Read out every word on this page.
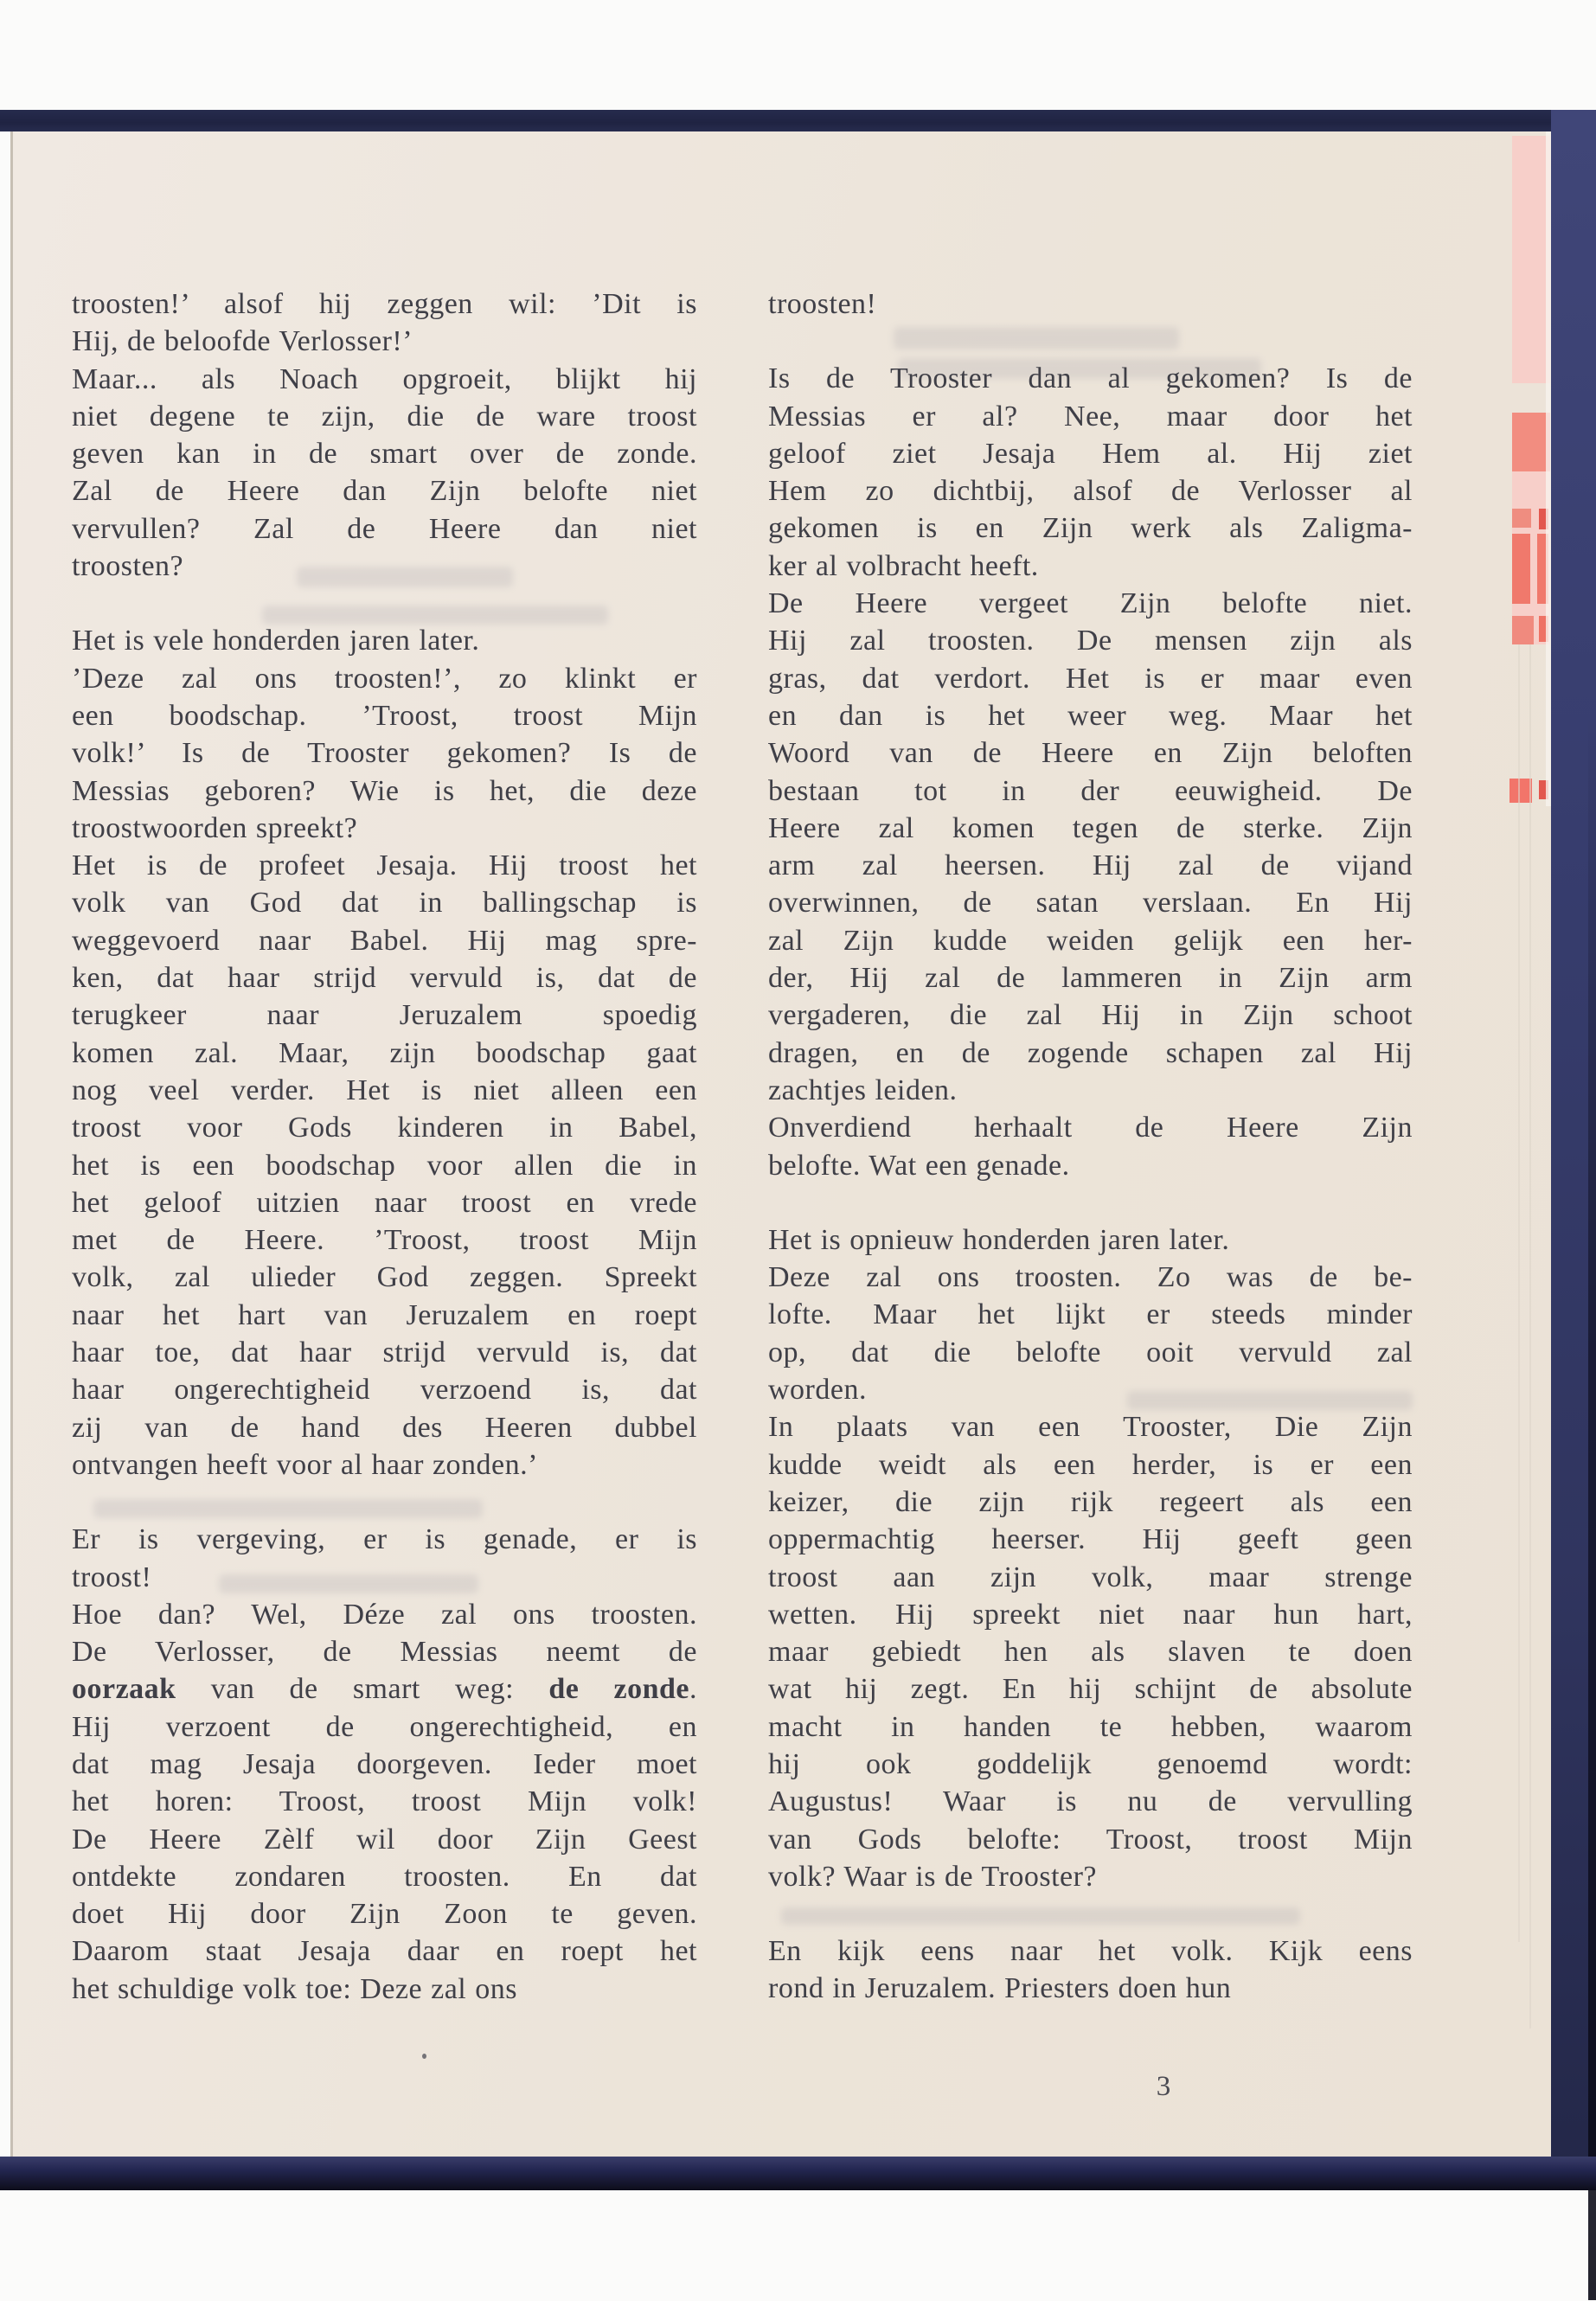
troosten!’ alsof hij zeggen wil: ’Dit is
Hij, de beloofde Verlosser!’
Maar... als Noach opgroeit, blijkt hij
niet degene te zijn, die de ware troost
geven kan in de smart over de zonde.
Zal de Heere dan Zijn belofte niet
vervullen? Zal de Heere dan niet
troosten?
Het is vele honderden jaren later.
’Deze zal ons troosten!’, zo klinkt er
een boodschap. ’Troost, troost Mijn
volk!’ Is de Trooster gekomen? Is de
Messias geboren? Wie is het, die deze
troostwoorden spreekt?
Het is de profeet Jesaja. Hij troost het
volk van God dat in ballingschap is
weggevoerd naar Babel. Hij mag spre-
ken, dat haar strijd vervuld is, dat de
terugkeer naar Jeruzalem spoedig
komen zal. Maar, zijn boodschap gaat
nog veel verder. Het is niet alleen een
troost voor Gods kinderen in Babel,
het is een boodschap voor allen die in
het geloof uitzien naar troost en vrede
met de Heere. ’Troost, troost Mijn
volk, zal ulieder God zeggen. Spreekt
naar het hart van Jeruzalem en roept
haar toe, dat haar strijd vervuld is, dat
haar ongerechtigheid verzoend is, dat
zij van de hand des Heeren dubbel
ontvangen heeft voor al haar zonden.’
Er is vergeving, er is genade, er is
troost!
Hoe dan? Wel, Déze zal ons troosten.
De Verlosser, de Messias neemt de
oorzaak van de smart weg: de zonde.
Hij verzoent de ongerechtigheid, en
dat mag Jesaja doorgeven. Ieder moet
het horen: Troost, troost Mijn volk!
De Heere Zèlf wil door Zijn Geest
ontdekte zondaren troosten. En dat
doet Hij door Zijn Zoon te geven.
Daarom staat Jesaja daar en roept het
het schuldige volk toe: Deze zal ons
troosten!
Is de Trooster dan al gekomen? Is de
Messias er al? Nee, maar door het
geloof ziet Jesaja Hem al. Hij ziet
Hem zo dichtbij, alsof de Verlosser al
gekomen is en Zijn werk als Zaligma-
ker al volbracht heeft.
De Heere vergeet Zijn belofte niet.
Hij zal troosten. De mensen zijn als
gras, dat verdort. Het is er maar even
en dan is het weer weg. Maar het
Woord van de Heere en Zijn beloften
bestaan tot in der eeuwigheid. De
Heere zal komen tegen de sterke. Zijn
arm zal heersen. Hij zal de vijand
overwinnen, de satan verslaan. En Hij
zal Zijn kudde weiden gelijk een her-
der, Hij zal de lammeren in Zijn arm
vergaderen, die zal Hij in Zijn schoot
dragen, en de zogende schapen zal Hij
zachtjes leiden.
Onverdiend herhaalt de Heere Zijn
belofte. Wat een genade.
Het is opnieuw honderden jaren later.
Deze zal ons troosten. Zo was de be-
lofte. Maar het lijkt er steeds minder
op, dat die belofte ooit vervuld zal
worden.
In plaats van een Trooster, Die Zijn
kudde weidt als een herder, is er een
keizer, die zijn rijk regeert als een
oppermachtig heerser. Hij geeft geen
troost aan zijn volk, maar strenge
wetten. Hij spreekt niet naar hun hart,
maar gebiedt hen als slaven te doen
wat hij zegt. En hij schijnt de absolute
macht in handen te hebben, waarom
hij ook goddelijk genoemd wordt:
Augustus! Waar is nu de vervulling
van Gods belofte: Troost, troost Mijn
volk? Waar is de Trooster?
En kijk eens naar het volk. Kijk eens
rond in Jeruzalem. Priesters doen hun
3
